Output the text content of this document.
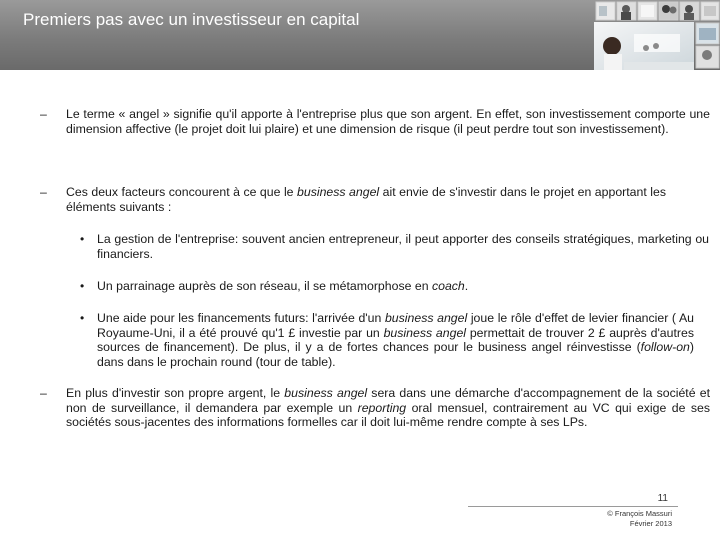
Premiers pas avec un investisseur en capital
–	Le terme « angel » signifie qu'il apporte à l'entreprise plus que son argent. En effet, son investissement comporte une dimension affective (le projet doit lui plaire) et une dimension de risque (il peut perdre tout son investissement).
–	Ces deux facteurs concourent à ce que le business angel ait envie de s'investir dans le projet en apportant les éléments suivants :
• La gestion de l'entreprise: souvent ancien entrepreneur, il peut apporter des conseils stratégiques, marketing ou financiers.
• Un parrainage auprès de son réseau, il se métamorphose en coach.
• Une aide pour les financements futurs: l'arrivée d'un business angel joue le rôle d'effet de levier financier ( Au Royaume-Uni, il a été prouvé qu'1 £ investie par un business angel permettait de trouver 2 £ auprès d'autres sources de financement). De plus, il y a de fortes chances pour le business angel réinvestisse (follow-on) dans dans le prochain round (tour de table).
–	En plus d'investir son propre argent, le business angel sera dans une démarche d'accompagnement de la société et non de surveillance, il demandera par exemple un reporting oral mensuel, contrairement au VC qui exige de ses sociétés sous-jacentes des informations formelles car il doit lui-même rendre compte à ses LPs.
11
© François Massuri
Février 2013
